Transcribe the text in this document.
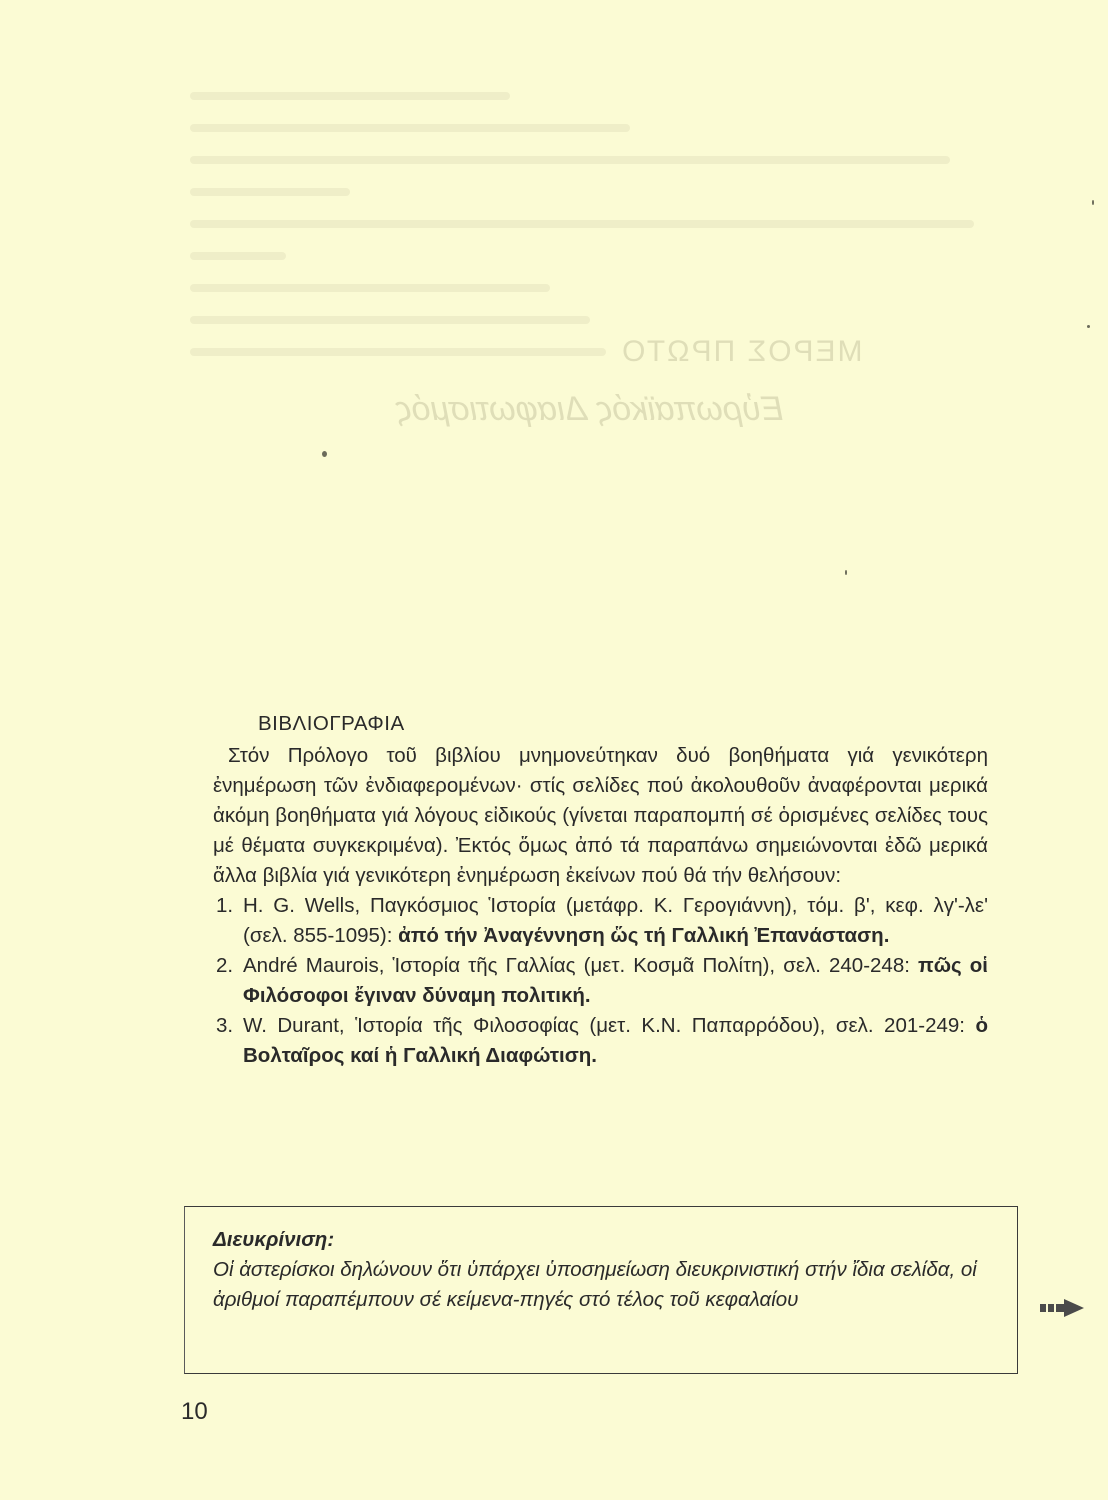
ΜΕΡΟΣ ΠΡΩΤΟ
Εὐρωπαϊκός Διαφωτισμός
ΒΙΒΛΙΟΓΡΑΦΙΑ

Στόν Πρόλογο τοῦ βιβλίου μνημονεύτηκαν δυό βοηθήματα γιά γενικότερη ἐνημέρωση τῶν ἐνδιαφερομένων· στίς σελίδες πού ἀκολουθοῦν ἀναφέρονται μερικά ἀκόμη βοηθήματα γιά λόγους εἰδικούς (γίνεται παραπομπή σέ ὁρισμένες σελίδες τους μέ θέματα συγκεκριμένα). Ἐκτός ὅμως ἀπό τά παραπάνω σημειώνονται ἐδῶ μερικά ἄλλα βιβλία γιά γενικότερη ἐνημέρωση ἐκείνων πού θά τήν θελήσουν:

1. H. G. Wells, Παγκόσμιος Ἱστορία (μετάφρ. Κ. Γερογιάννη), τόμ. β', κεφ. λγ'-λε' (σελ. 855-1095): ἀπό τήν Ἀναγέννηση ὥς τή Γαλλική Ἐπανάσταση.
2. André Maurois, Ἱστορία τῆς Γαλλίας (μετ. Κοσμᾶ Πολίτη), σελ. 240-248: πῶς οἱ Φιλόσοφοι ἔγιναν δύναμη πολιτική.
3. W. Durant, Ἱστορία τῆς Φιλοσοφίας (μετ. Κ.Ν. Παπαρρόδου), σελ. 201-249: ὁ Βολταῖρος καί ἡ Γαλλική Διαφώτιση.
Διευκρίνιση:
Οἱ ἀστερίσκοι δηλώνουν ὅτι ὑπάρχει ὑποσημείωση διευκρινιστική στήν ἴδια σελίδα, οἱ ἀριθμοί παραπέμπουν σέ κείμενα-πηγές στό τέλος τοῦ κεφαλαίου
10
